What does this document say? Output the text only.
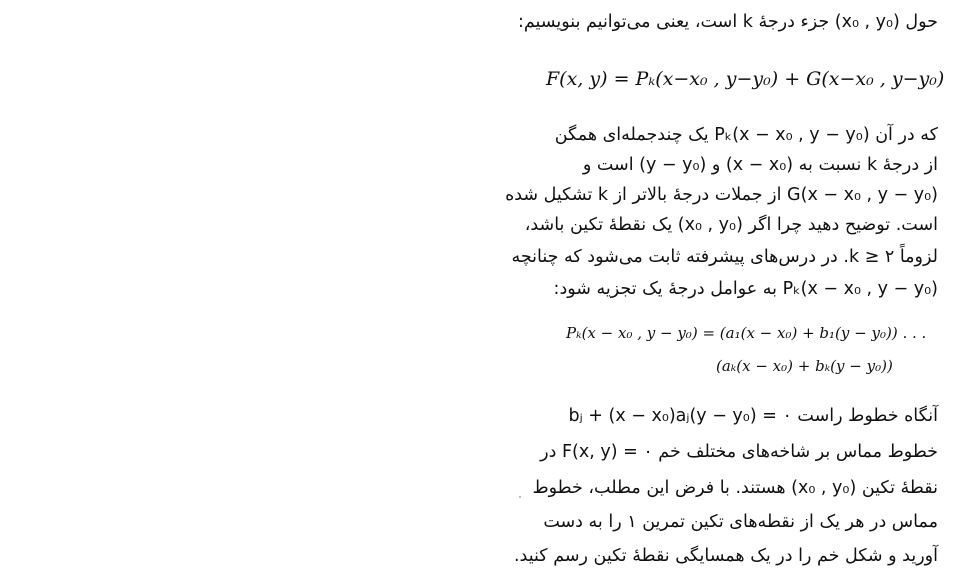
حول (x₀ , y₀) جزء درجهٔ k است، یعنی می‌توانیم بنویسیم:
F(x, y) = Pₖ(x−x₀ , y−y₀) + G(x−x₀ , y−y₀)
که در آن (x − x₀ , y − y₀)Pₖ یک چندجمله‌ای همگن
از درجهٔ k نسبت به (x − x₀) و (y − y₀) است و
(x − x₀ , y − y₀)G از جملات درجهٔ بالاتر از k تشکیل شده
است. توضیح دهید چرا اگر (x₀ , y₀) یک نقطهٔ تکین باشد،
لزوماً k ≥ ۲. در درس‌های پیشرفته ثابت می‌شود که چنانچه
(x − x₀ , y − y₀)Pₖ به عوامل درجهٔ یک تجزیه شود:
Pₖ(x − x₀ , y − y₀) = (a₁(x − x₀) + b₁(y − y₀)) . . .
(aₖ(x − x₀) + bₖ(y − y₀))
آنگاه خطوط راست ۰ = (y − y₀)bⱼ + (x − x₀)aⱼ
خطوط مماس بر شاخه‌های مختلف خم ۰ = F(x, y) در
نقطهٔ تکین (x₀ , y₀) هستند. با فرض این مطلب، خطوط
مماس در هر یک از نقطه‌های تکین تمرین ۱ را به دست
آورید و شکل خم را در یک همسایگی نقطهٔ تکین رسم کنید.
